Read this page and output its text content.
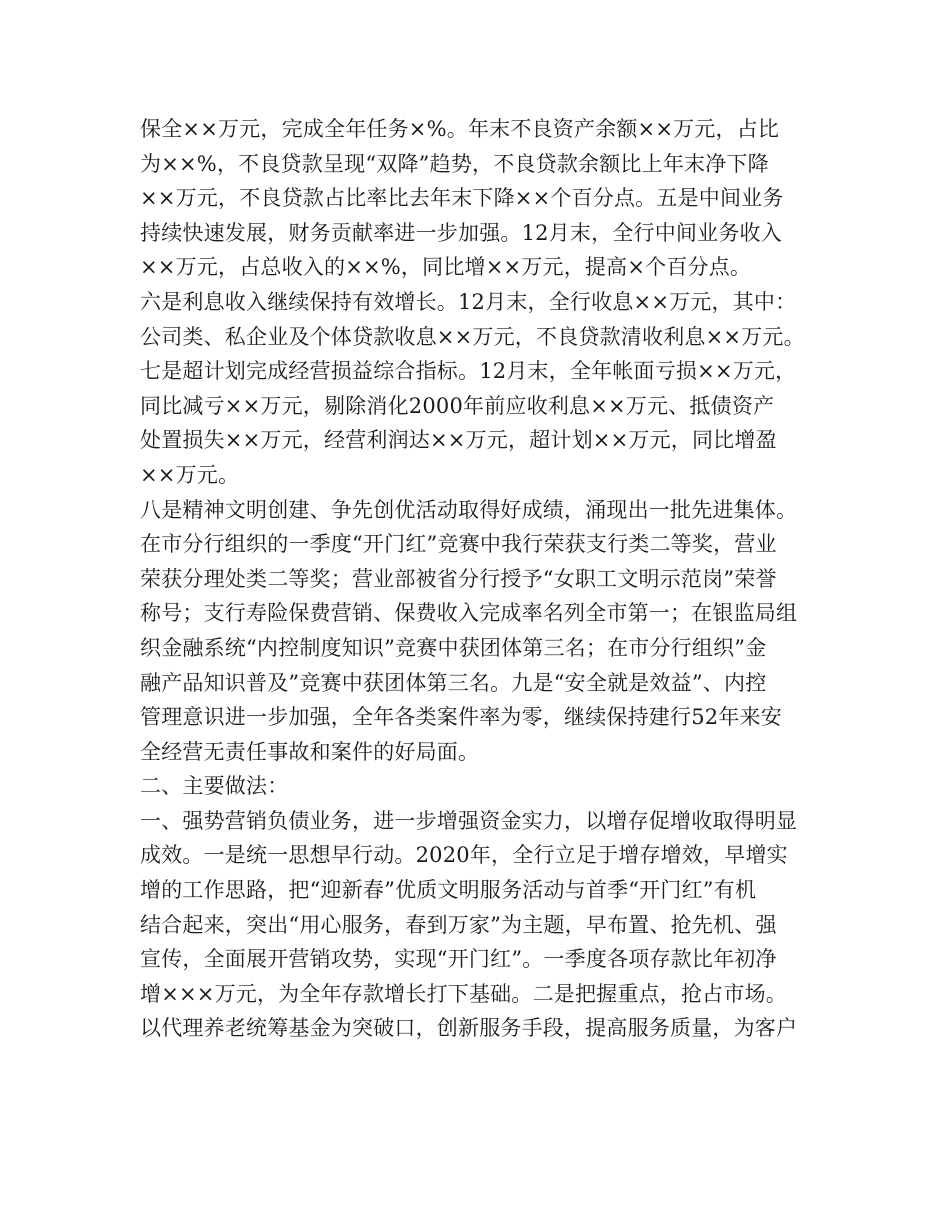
保全××万元，完成全年任务×%。年末不良资产余额××万元，占比
为××%，不良贷款呈现“双降”趋势，不良贷款余额比上年末净下降
××万元，不良贷款占比率比去年末下降××个百分点。五是中间业务
持续快速发展，财务贡献率进一步加强。12月末，全行中间业务收入
××万元，占总收入的××%，同比增××万元，提高×个百分点。
六是利息收入继续保持有效增长。12月末，全行收息××万元，其中：
公司类、私企业及个体贷款收息××万元，不良贷款清收利息××万元。
七是超计划完成经营损益综合指标。12月末，全年帐面亏损××万元，
同比减亏××万元，剔除消化2000年前应收利息××万元、抵债资产
处置损失××万元，经营利润达××万元，超计划××万元，同比增盈
××万元。
八是精神文明创建、争先创优活动取得好成绩，涌现出一批先进集体。
在市分行组织的一季度“开门红”竞赛中我行荣获支行类二等奖，营业
荣获分理处类二等奖；营业部被省分行授予“女职工文明示范岗”荣誉
称号；支行寿险保费营销、保费收入完成率名列全市第一；在银监局组
织金融系统“内控制度知识”竞赛中获团体第三名；在市分行组织”金
融产品知识普及”竞赛中获团体第三名。九是“安全就是效益”、内控
管理意识进一步加强，全年各类案件率为零，继续保持建行52年来安
全经营无责任事故和案件的好局面。
二、主要做法：
一、强势营销负债业务，进一步增强资金实力，以增存促增收取得明显
成效。一是统一思想早行动。2020年，全行立足于增存增效，早增实
增的工作思路，把“迎新春”优质文明服务活动与首季“开门红”有机
结合起来，突出“用心服务，春到万家”为主题，早布置、抢先机、强
宣传，全面展开营销攻势，实现“开门红”。一季度各项存款比年初净
增×××万元，为全年存款增长打下基础。二是把握重点，抢占市场。
以代理养老统筹基金为突破口，创新服务手段，提高服务质量，为客户
